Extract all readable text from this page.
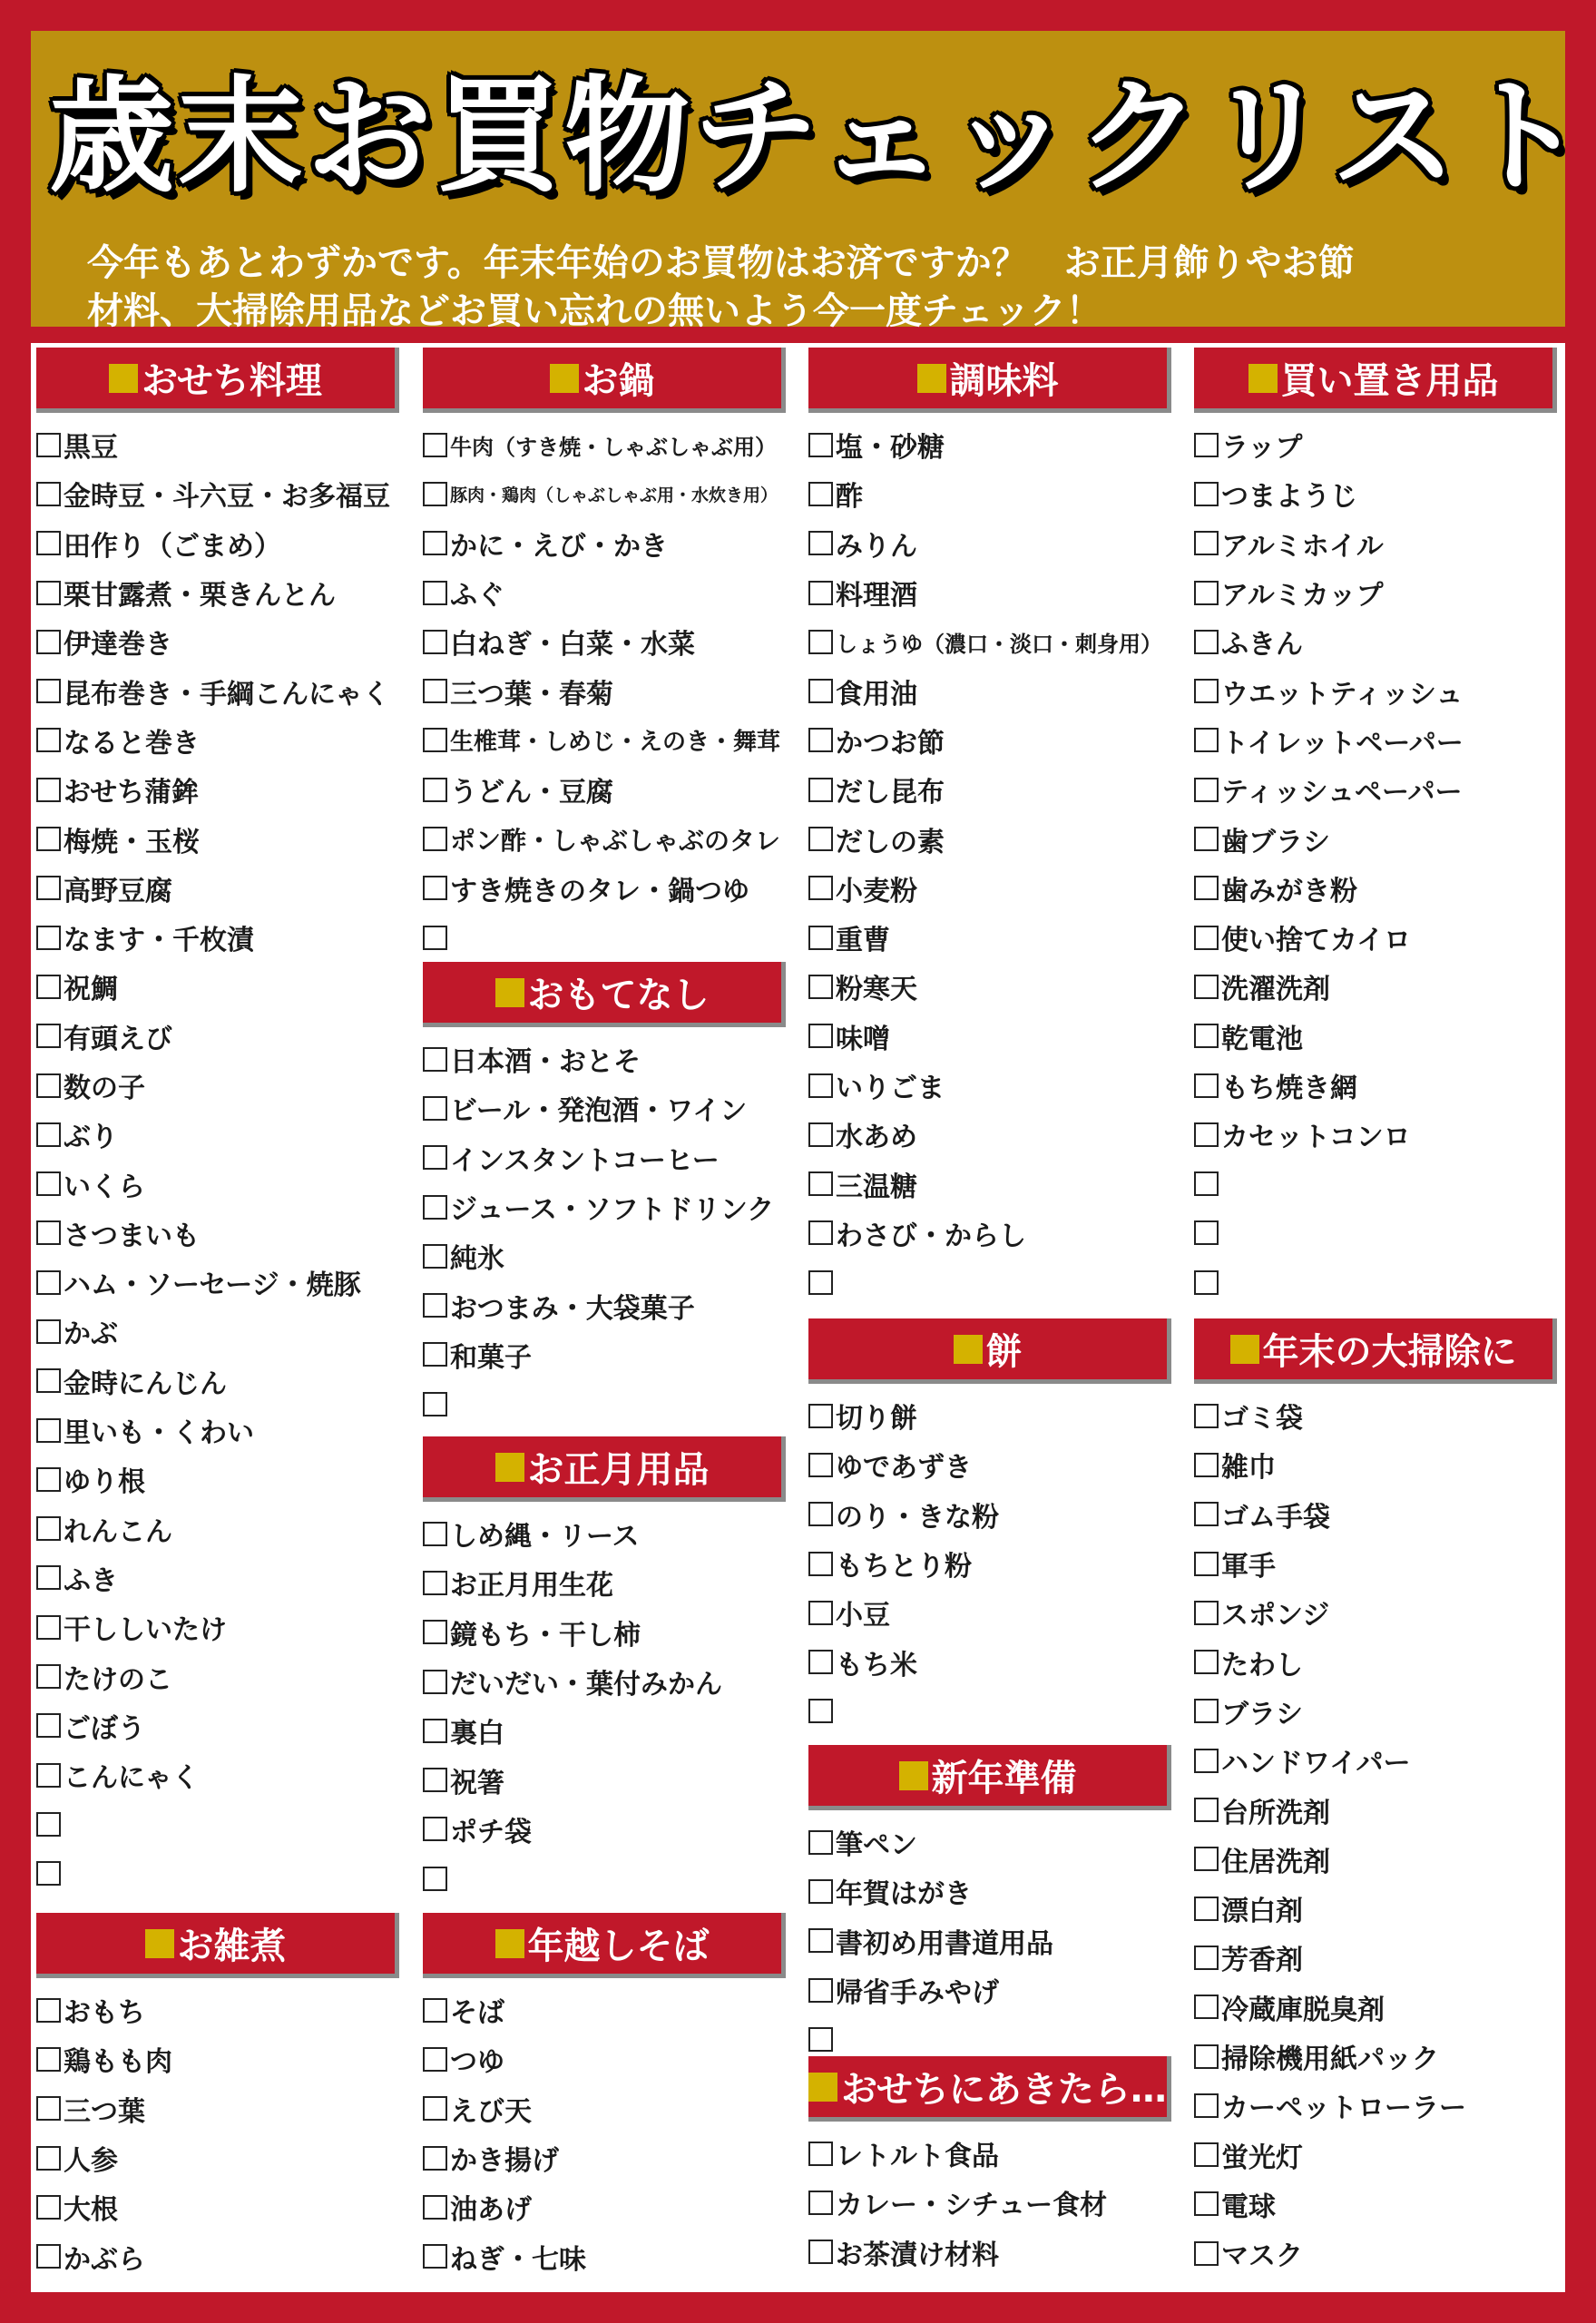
歳末お買物チェックリスト
今年もあとわずかです。年末年始のお買物はお済ですか？　お正月飾りやお節
材料、大掃除用品などお買い忘れの無いよう今一度チェック！
おせち料理
黒豆
金時豆・斗六豆・お多福豆
田作り（ごまめ）
栗甘露煮・栗きんとん
伊達巻き
昆布巻き・手綱こんにゃく
なると巻き
おせち蒲鉾
梅焼・玉桜
高野豆腐
なます・千枚漬
祝鯛
有頭えび
数の子
ぶり
いくら
さつまいも
ハム・ソーセージ・焼豚
かぶ
金時にんじん
里いも・くわい
ゆり根
れんこん
ふき
干ししいたけ
たけのこ
ごぼう
こんにゃく
お雑煮
おもち
鶏もも肉
三つ葉
人参
大根
かぶら
お鍋
牛肉（すき焼・しゃぶしゃぶ用）
豚肉・鶏肉（しゃぶしゃぶ用・水炊き用）
かに・えび・かき
ふぐ
白ねぎ・白菜・水菜
三つ葉・春菊
生椎茸・しめじ・えのき・舞茸
うどん・豆腐
ポン酢・しゃぶしゃぶのタレ
すき焼きのタレ・鍋つゆ
おもてなし
日本酒・おとそ
ビール・発泡酒・ワイン
インスタントコーヒー
ジュース・ソフトドリンク
純氷
おつまみ・大袋菓子
和菓子
お正月用品
しめ縄・リース
お正月用生花
鏡もち・干し柿
だいだい・葉付みかん
裏白
祝箸
ポチ袋
年越しそば
そば
つゆ
えび天
かき揚げ
油あげ
ねぎ・七味
調味料
塩・砂糖
酢
みりん
料理酒
しょうゆ（濃口・淡口・刺身用）
食用油
かつお節
だし昆布
だしの素
小麦粉
重曹
粉寒天
味噌
いりごま
水あめ
三温糖
わさび・からし
餅
切り餅
ゆであずき
のり・きな粉
もちとり粉
小豆
もち米
新年準備
筆ペン
年賀はがき
書初め用書道用品
帰省手みやげ
おせちにあきたら…
レトルト食品
カレー・シチュー食材
お茶漬け材料
買い置き用品
ラップ
つまようじ
アルミホイル
アルミカップ
ふきん
ウエットティッシュ
トイレットペーパー
ティッシュペーパー
歯ブラシ
歯みがき粉
使い捨てカイロ
洗濯洗剤
乾電池
もち焼き網
カセットコンロ
年末の大掃除に
ゴミ袋
雑巾
ゴム手袋
軍手
スポンジ
たわし
ブラシ
ハンドワイパー
台所洗剤
住居洗剤
漂白剤
芳香剤
冷蔵庫脱臭剤
掃除機用紙パック
カーペットローラー
蛍光灯
電球
マスク
